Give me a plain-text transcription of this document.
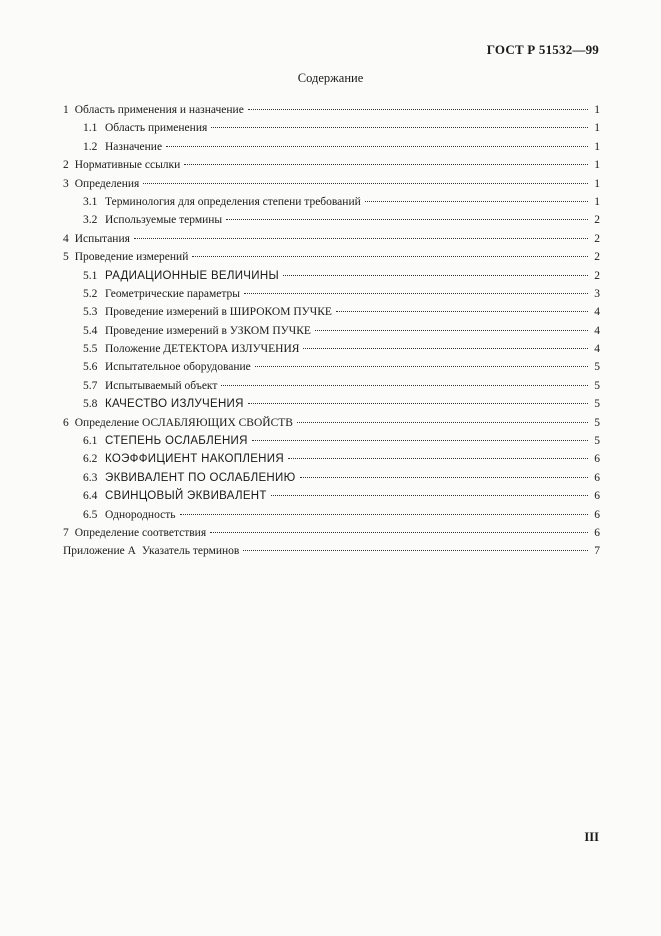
ГОСТ Р 51532—99
Содержание
1 Область применения и назначение	1
1.1 Область применения	1
1.2 Назначение	1
2 Нормативные ссылки	1
3 Определения	1
3.1 Терминология для определения степени требований	1
3.2 Используемые термины	2
4 Испытания	2
5 Проведение измерений	2
5.1 РАДИАЦИОННЫЕ ВЕЛИЧИНЫ	2
5.2 Геометрические параметры	3
5.3 Проведение измерений в ШИРОКОМ ПУЧКЕ	4
5.4 Проведение измерений в УЗКОМ ПУЧКЕ	4
5.5 Положение ДЕТЕКТОРА ИЗЛУЧЕНИЯ	4
5.6 Испытательное оборудование	5
5.7 Испытываемый объект	5
5.8 КАЧЕСТВО ИЗЛУЧЕНИЯ	5
6 Определение ОСЛАБЛЯЮЩИХ СВОЙСТВ	5
6.1 СТЕПЕНЬ ОСЛАБЛЕНИЯ	5
6.2 КОЭФФИЦИЕНТ НАКОПЛЕНИЯ	6
6.3 ЭКВИВАЛЕНТ ПО ОСЛАБЛЕНИЮ	6
6.4 СВИНЦОВЫЙ ЭКВИВАЛЕНТ	6
6.5 Однородность	6
7 Определение соответствия	6
Приложение А Указатель терминов	7
III
